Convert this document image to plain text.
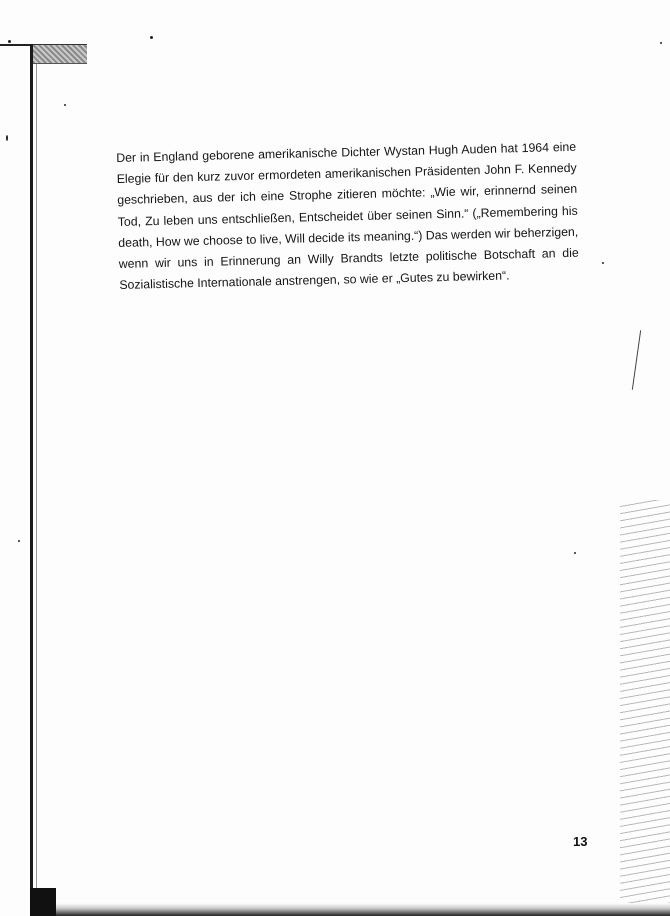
Der in England geborene amerikanische Dichter Wystan Hugh Auden hat 1964 eine Elegie für den kurz zuvor ermordeten amerikanischen Präsidenten John F. Kennedy geschrieben, aus der ich eine Strophe zitieren möchte: „Wie wir, erinnernd seinen Tod, Zu leben uns entschließen, Entscheidet über seinen Sinn.“ („Remembering his death, How we choose to live, Will decide its meaning.“) Das werden wir beherzigen, wenn wir uns in Erinnerung an Willy Brandts letzte politische Botschaft an die Sozialistische Internationale anstrengen, so wie er „Gutes zu bewirken“.

13
